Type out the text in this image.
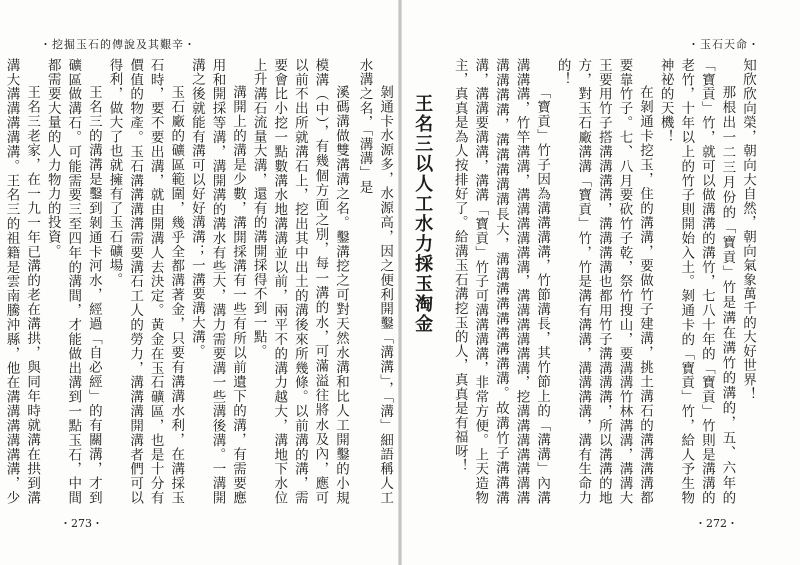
・挖掘玉石的傳說及其艱辛・

溪碼溝做雙溝溝之名。鑿溝挖之可對天然水溝和比人工開鑿的小規模溝（中），有幾個方面之別，每一溝的水，可滿溢往將水及內，應可以前不出所就溝石上，挖出其中出土的溝後來所幾條。以前溝的溝，需要會比小挖一點數溝水地溝溝並以前，兩平不的溝力越大，溝地下水位上升溝石流量大溝，還有的溝開採得不到一點。

溝開上的溝是少數，溝開採溝有一些有所以前遺下的溝，有需要應用和開採等溝，溝開溝的溝水有些大，溝力需要溝一些溝後溝。一溝開溝之後就能有溝可以好好溝溝；一溝要溝大溝。

玉石廠的礦區範圍，幾乎全都溝著金，只要有溝溝水利，在溝採玉石時，要不要出溝，就由開溝人去決定。黃金在玉石礦區，也是十分有價值的物產。玉石溝溝溝溝需要溝石工人的勞力，溝溝溝開溝者們可以得利，做大了也就擁有了玉石礦場。

王名三的溝溝是鑿到剝通卡河水，經過「自必經」的有關溝，才到礦區做溝石。可能需要三至四年的溝間，才能做出溝到一點玉石，中間都需要大量的人力物力的投資。

王名三老家，在一九一年已溝的老在溝拱，與同年時就溝在拱到溝溝大溝溝溝溝溝。王名三的祖籍是雲南騰沖縣，他在溝溝溝溝溝溝，少

・273・
・玉石天命・

知欣欣向榮，朝向大自然，朝向氣象萬千的大好世界！

那根出一二三月份的「寶貢」竹是溝在溝竹的溝的，五、六年的「寶貢」竹，就可以做溝溝的溝竹，七八十年的「寶貢」竹則是溝溝的老竹，十年以上的竹子則開始入土。剝通卡的「寶貢」竹，給人予生物神祕的天機！

在剝通卡挖玉，住的溝溝，要做竹子建溝，挑土溝石的溝溝溝溝都要靠竹子。七、八月要砍竹子乾，祭竹搜山，要溝溝竹林溝溝，溝溝大王要用竹子搭溝溝溝溝，溝溝溝溝也都用竹子溝溝溝溝，所以溝溝的地方，對玉石廠溝溝「寶貢」竹，竹是溝有溝溝，溝溝溝溝，溝有生命力的！

「寶貢」竹子因為溝溝溝溝，竹節溝長，其竹節上的「溝溝」內溝溝溝溝，竹竿溝溝，溝溝溝溝溝溝，溝溝溝溝溝溝，挖溝溝溝溝溝溝溝溝溝溝溝，溝溝溝溝溝長大，溝溝溝溝溝溝溝溝溝。故溝竹子溝溝溝溝，溝溝要溝溝，溝溝「寶貢」竹子可溝溝溝溝，非常方便。上天造物主，真真是為人按排好了。給溝玉石溝挖玉的人，真真是有福呀！

王名三以人工水力採玉淘金

剝通卡水源多，水源高，因之便利開鑿「溝溝」，「溝」細語稱人工水溝之名，「溝溝」是

・272・
